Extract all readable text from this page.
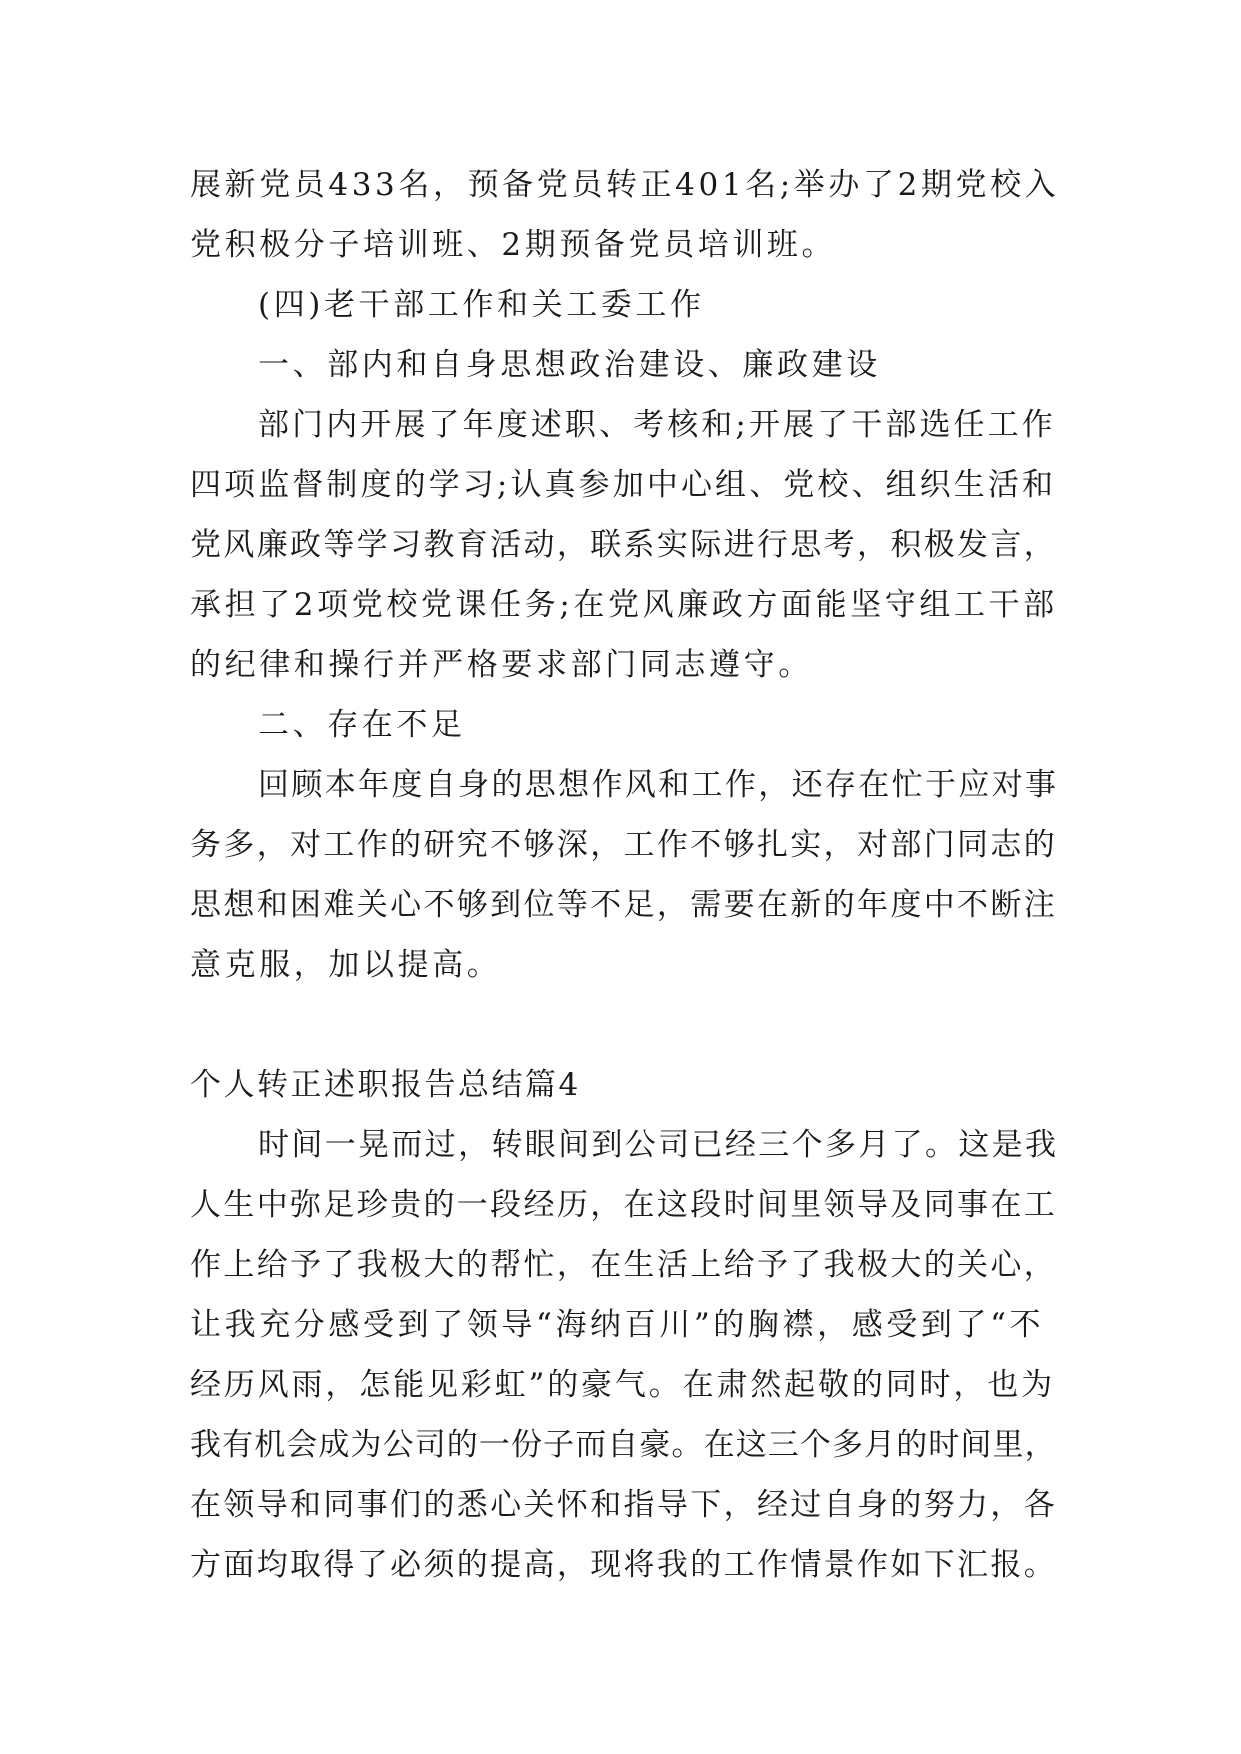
展新党员433名，预备党员转正401名;举办了2期党校入
党积极分子培训班、2期预备党员培训班。
(四)老干部工作和关工委工作
一、部内和自身思想政治建设、廉政建设
部门内开展了年度述职、考核和;开展了干部选任工作
四项监督制度的学习;认真参加中心组、党校、组织生活和
党风廉政等学习教育活动，联系实际进行思考，积极发言，
承担了2项党校党课任务;在党风廉政方面能坚守组工干部
的纪律和操行并严格要求部门同志遵守。
二、存在不足
回顾本年度自身的思想作风和工作，还存在忙于应对事
务多，对工作的研究不够深，工作不够扎实，对部门同志的
思想和困难关心不够到位等不足，需要在新的年度中不断注
意克服，加以提高。
个人转正述职报告总结篇4
时间一晃而过，转眼间到公司已经三个多月了。这是我
人生中弥足珍贵的一段经历，在这段时间里领导及同事在工
作上给予了我极大的帮忙，在生活上给予了我极大的关心，
让我充分感受到了领导“海纳百川”的胸襟，感受到了“不
经历风雨，怎能见彩虹”的豪气。在肃然起敬的同时，也为
我有机会成为公司的一份子而自豪。在这三个多月的时间里，
在领导和同事们的悉心关怀和指导下，经过自身的努力，各
方面均取得了必须的提高，现将我的工作情景作如下汇报。
